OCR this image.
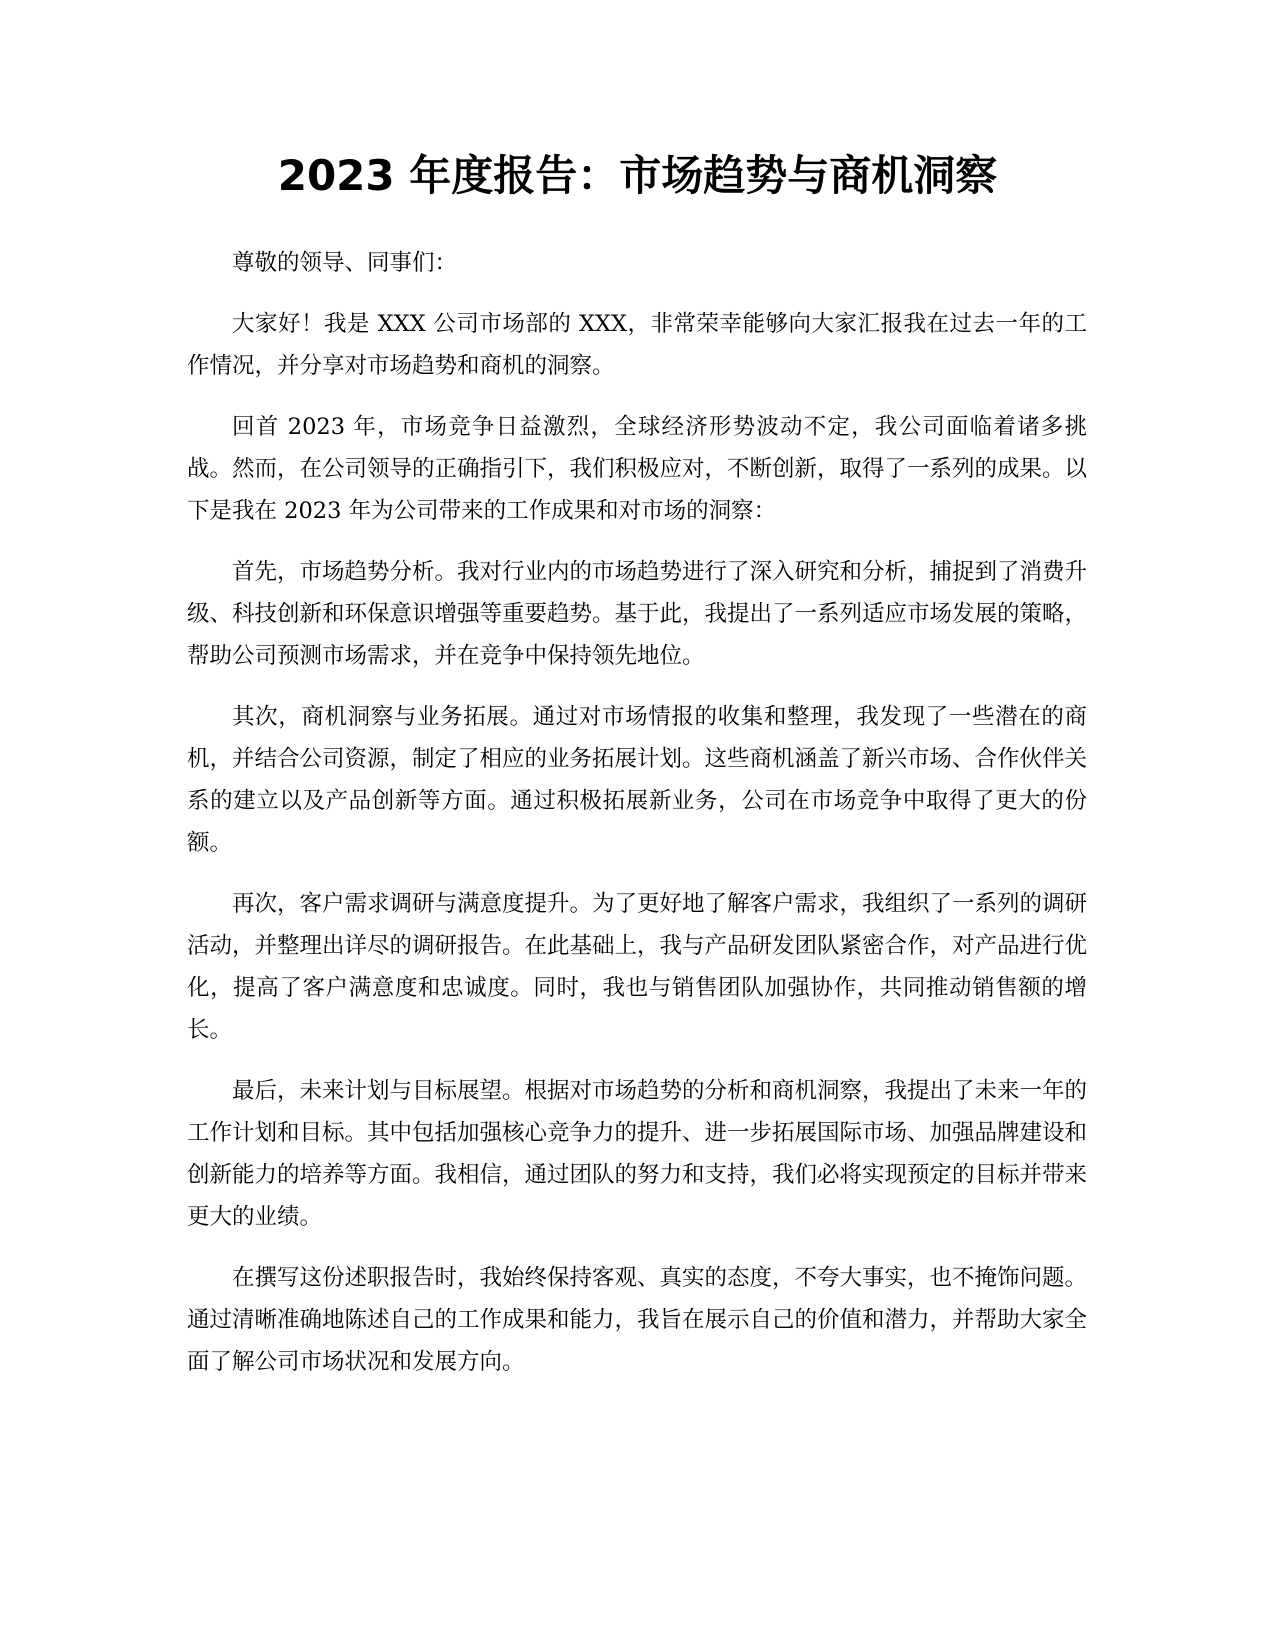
2023 年度报告：市场趋势与商机洞察

尊敬的领导、同事们：

大家好！我是 XXX 公司市场部的 XXX，非常荣幸能够向大家汇报我在过去一年的工作情况，并分享对市场趋势和商机的洞察。

回首 2023 年，市场竞争日益激烈，全球经济形势波动不定，我公司面临着诸多挑战。然而，在公司领导的正确指引下，我们积极应对，不断创新，取得了一系列的成果。以下是我在 2023 年为公司带来的工作成果和对市场的洞察：

首先，市场趋势分析。我对行业内的市场趋势进行了深入研究和分析，捕捉到了消费升级、科技创新和环保意识增强等重要趋势。基于此，我提出了一系列适应市场发展的策略，帮助公司预测市场需求，并在竞争中保持领先地位。

其次，商机洞察与业务拓展。通过对市场情报的收集和整理，我发现了一些潜在的商机，并结合公司资源，制定了相应的业务拓展计划。这些商机涵盖了新兴市场、合作伙伴关系的建立以及产品创新等方面。通过积极拓展新业务，公司在市场竞争中取得了更大的份额。

再次，客户需求调研与满意度提升。为了更好地了解客户需求，我组织了一系列的调研活动，并整理出详尽的调研报告。在此基础上，我与产品研发团队紧密合作，对产品进行优化，提高了客户满意度和忠诚度。同时，我也与销售团队加强协作，共同推动销售额的增长。

最后，未来计划与目标展望。根据对市场趋势的分析和商机洞察，我提出了未来一年的工作计划和目标。其中包括加强核心竞争力的提升、进一步拓展国际市场、加强品牌建设和创新能力的培养等方面。我相信，通过团队的努力和支持，我们必将实现预定的目标并带来更大的业绩。

在撰写这份述职报告时，我始终保持客观、真实的态度，不夸大事实，也不掩饰问题。通过清晰准确地陈述自己的工作成果和能力，我旨在展示自己的价值和潜力，并帮助大家全面了解公司市场状况和发展方向。
